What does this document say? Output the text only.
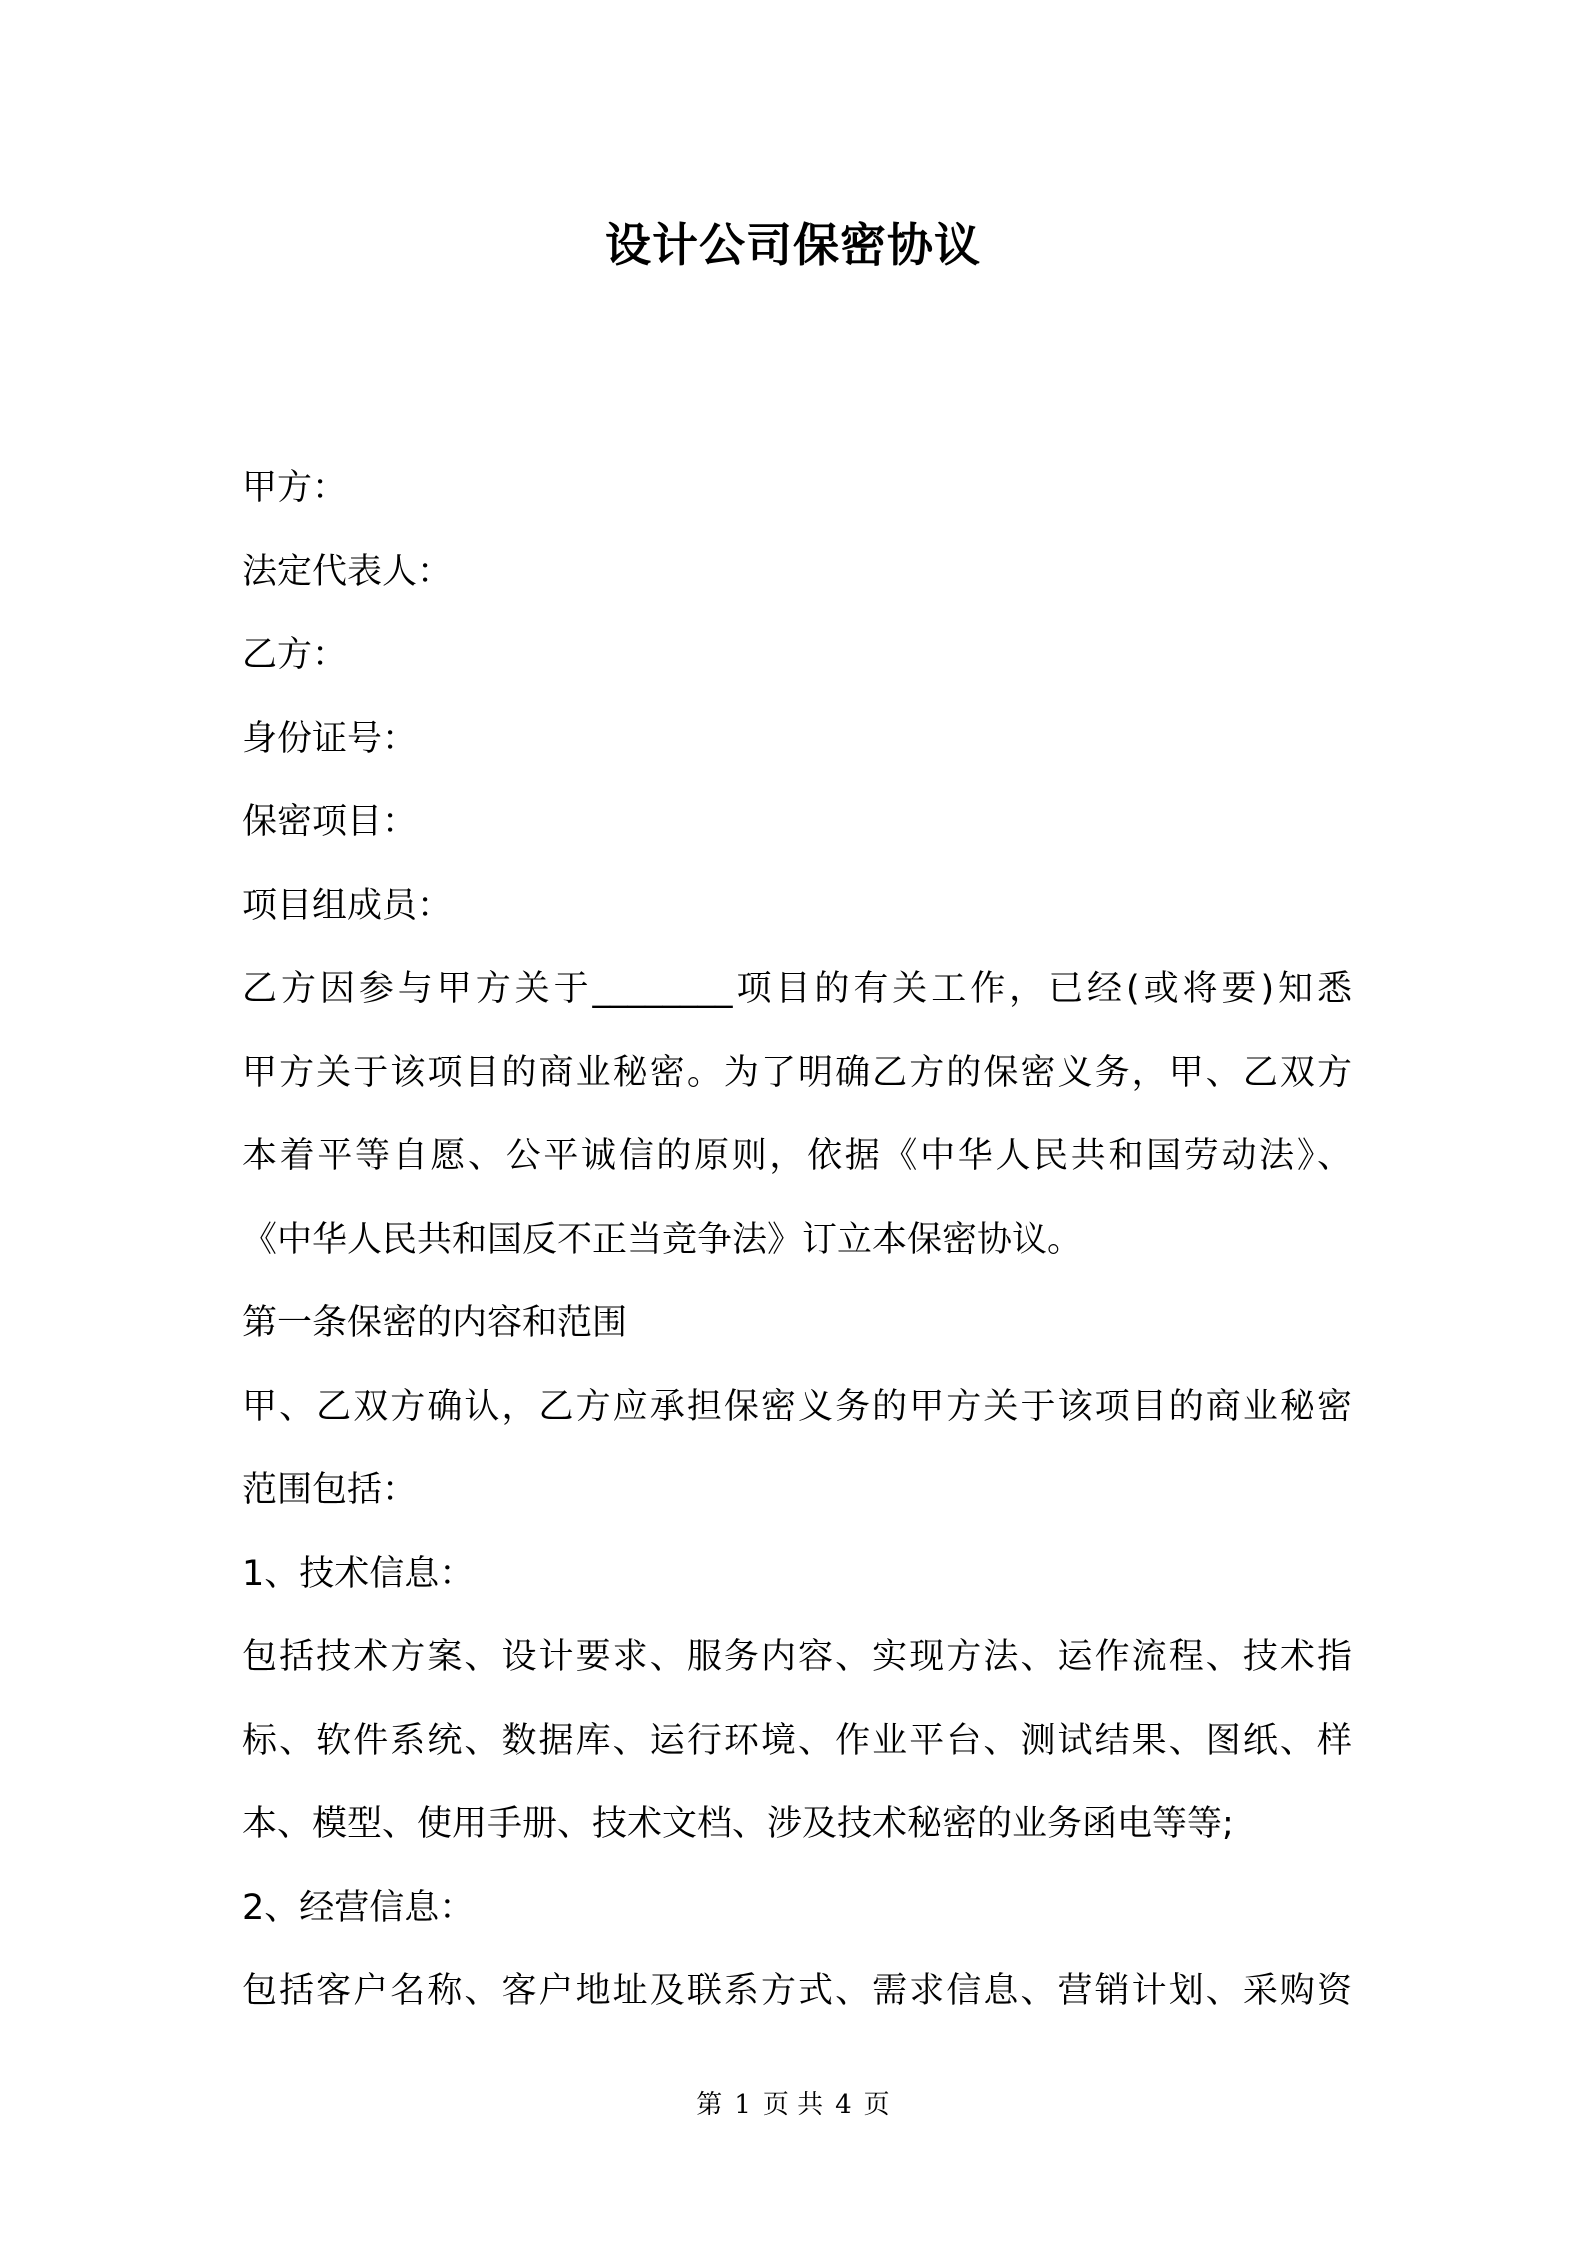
设计公司保密协议
甲方：
法定代表人：
乙方：
身份证号：
保密项目：
项目组成员：
乙方因参与甲方关于________项目的有关工作，已经(或将要)知悉
甲方关于该项目的商业秘密。为了明确乙方的保密义务，甲、乙双方
本着平等自愿、公平诚信的原则，依据《中华人民共和国劳动法》、
《中华人民共和国反不正当竞争法》订立本保密协议。
第一条保密的内容和范围
甲、乙双方确认，乙方应承担保密义务的甲方关于该项目的商业秘密
范围包括：
1、技术信息：
包括技术方案、设计要求、服务内容、实现方法、运作流程、技术指
标、软件系统、数据库、运行环境、作业平台、测试结果、图纸、样
本、模型、使用手册、技术文档、涉及技术秘密的业务函电等等;
2、经营信息：
包括客户名称、客户地址及联系方式、需求信息、营销计划、采购资
第 1 页 共 4 页
